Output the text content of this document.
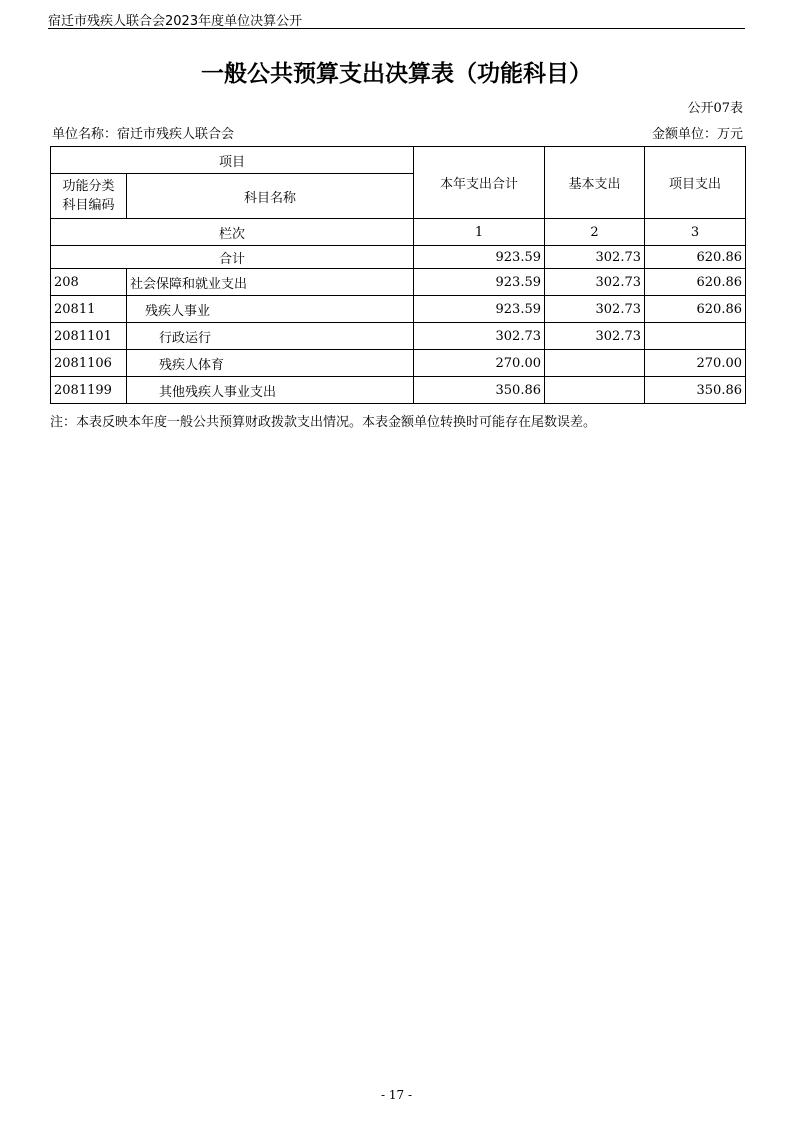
宿迁市残疾人联合会2023年度单位决算公开
一般公共预算支出决算表（功能科目）
公开07表
单位名称：宿迁市残疾人联合会	金额单位：万元
项目		本年支出合计	基本支出	项目支出
功能分类
科目编码	科目名称			
栏次		1	2	3
合计		923.59	302.73	620.86
208	社会保障和就业支出	923.59	302.73	620.86
20811	残疾人事业	923.59	302.73	620.86
2081101	行政运行	302.73	302.73	
2081106	残疾人体育	270.00		270.00
2081199	其他残疾人事业支出	350.86		350.86
注：本表反映本年度一般公共预算财政拨款支出情况。本表金额单位转换时可能存在尾数误差。
- 17 -
